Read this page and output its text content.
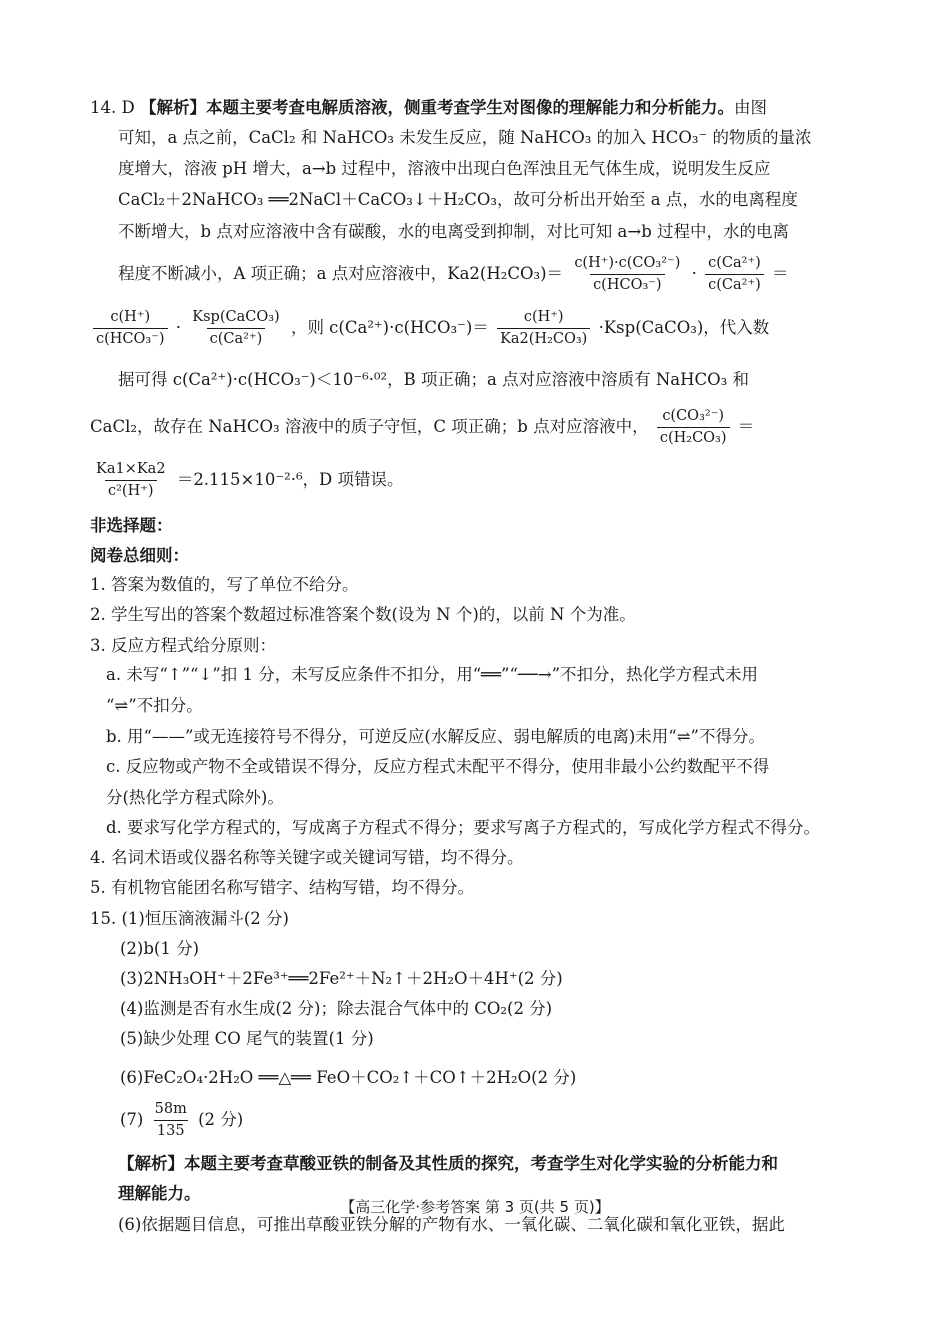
14. D 【解析】本题主要考查电解质溶液，侧重考查学生对图像的理解能力和分析能力。由图
可知，a 点之前，CaCl₂ 和 NaHCO₃ 未发生反应，随 NaHCO₃ 的加入 HCO₃⁻ 的物质的量浓
度增大，溶液 pH 增大，a→b 过程中，溶液中出现白色浑浊且无气体生成，说明发生反应
CaCl₂＋2NaHCO₃ ══2NaCl＋CaCO₃↓＋H₂CO₃，故可分析出开始至 a 点，水的电离程度
不断增大，b 点对应溶液中含有碳酸，水的电离受到抑制，对比可知 a→b 过程中，水的电离
程度不断减小，A 项正确；a 点对应溶液中，$Ka2(H_2CO_3)= \frac{\text{c(H⁺)·c(CO₃²⁻)}}{\text{c(HCO₃⁻)}} \cdot \frac{\text{c(Ca²⁺)}}{\text{c(Ca²⁺)}}$ ＝
$\frac{c(H^+)}{\text{c(HCO₃⁻)}} \cdot \frac{\text{Ksp(CaCO₃)}}{\text{c(Ca²⁺)}}$ ，则 $c(Ca^{2+})\cdot c(HCO_3^-)= \frac{c(H^+)}{\text{Ka2(H₂CO₃)}}$ ·Ksp(CaCO₃)，代入数
据可得 c(Ca²⁺)·c(HCO₃⁻)＜10⁻⁶·⁰²，B 项正确；a 点对应溶液中溶质有 NaHCO₃ 和
CaCl₂，故存在 NaHCO₃ 溶液中的质子守恒，C 项正确；b 点对应溶液中， $\frac{\text{c(CO₃²⁻)}}{\text{c(H₂CO₃)}}$ ＝
$\frac{Ka1\times Ka2}{\text{c²(H⁺)}} =2.115\times 10^{-2}\cdot^6$，D 项错误。
非选择题：
阅卷总细则：
1. 答案为数值的，写了单位不给分。
2. 学生写出的答案个数超过标准答案个数(设为 N 个)的，以前 N 个为准。
3. 反应方程式给分原则：
a. 未写“↑”“↓”扣 1 分，未写反应条件不扣分，用“══”“──→”不扣分，热化学方程式未用
“⇌”不扣分。
b. 用“——”或无连接符号不得分，可逆反应(水解反应、弱电解质的电离)未用“⇌”不得分。
c. 反应物或产物不全或错误不得分，反应方程式未配平不得分，使用非最小公约数配平不得
分(热化学方程式除外)。
d. 要求写化学方程式的，写成离子方程式不得分；要求写离子方程式的，写成化学方程式不得分。
4. 名词术语或仪器名称等关键字或关键词写错，均不得分。
5. 有机物官能团名称写错字、结构写错，均不得分。
15. (1)恒压滴液漏斗(2 分)
(2)b(1 分)
(3)2NH₃OH⁺＋2Fe³⁺══2Fe²⁺＋N₂↑＋2H₂O＋4H⁺(2 分)
(4)监测是否有水生成(2 分)；除去混合气体中的 CO₂(2 分)
(5)缺少处理 CO 尾气的装置(1 分)
(6)FeC₂O₄·2H₂O ══△══ FeO＋CO₂↑＋CO↑＋2H₂O(2 分)
$(7) \frac{58m}{135} (2$ 分)
【解析】本题主要考查草酸亚铁的制备及其性质的探究，考查学生对化学实验的分析能力和
理解能力。
(6)依据题目信息，可推出草酸亚铁分解的产物有水、一氧化碳、二氧化碳和氧化亚铁，据此
【高三化学·参考答案 第 3 页(共 5 页)】
